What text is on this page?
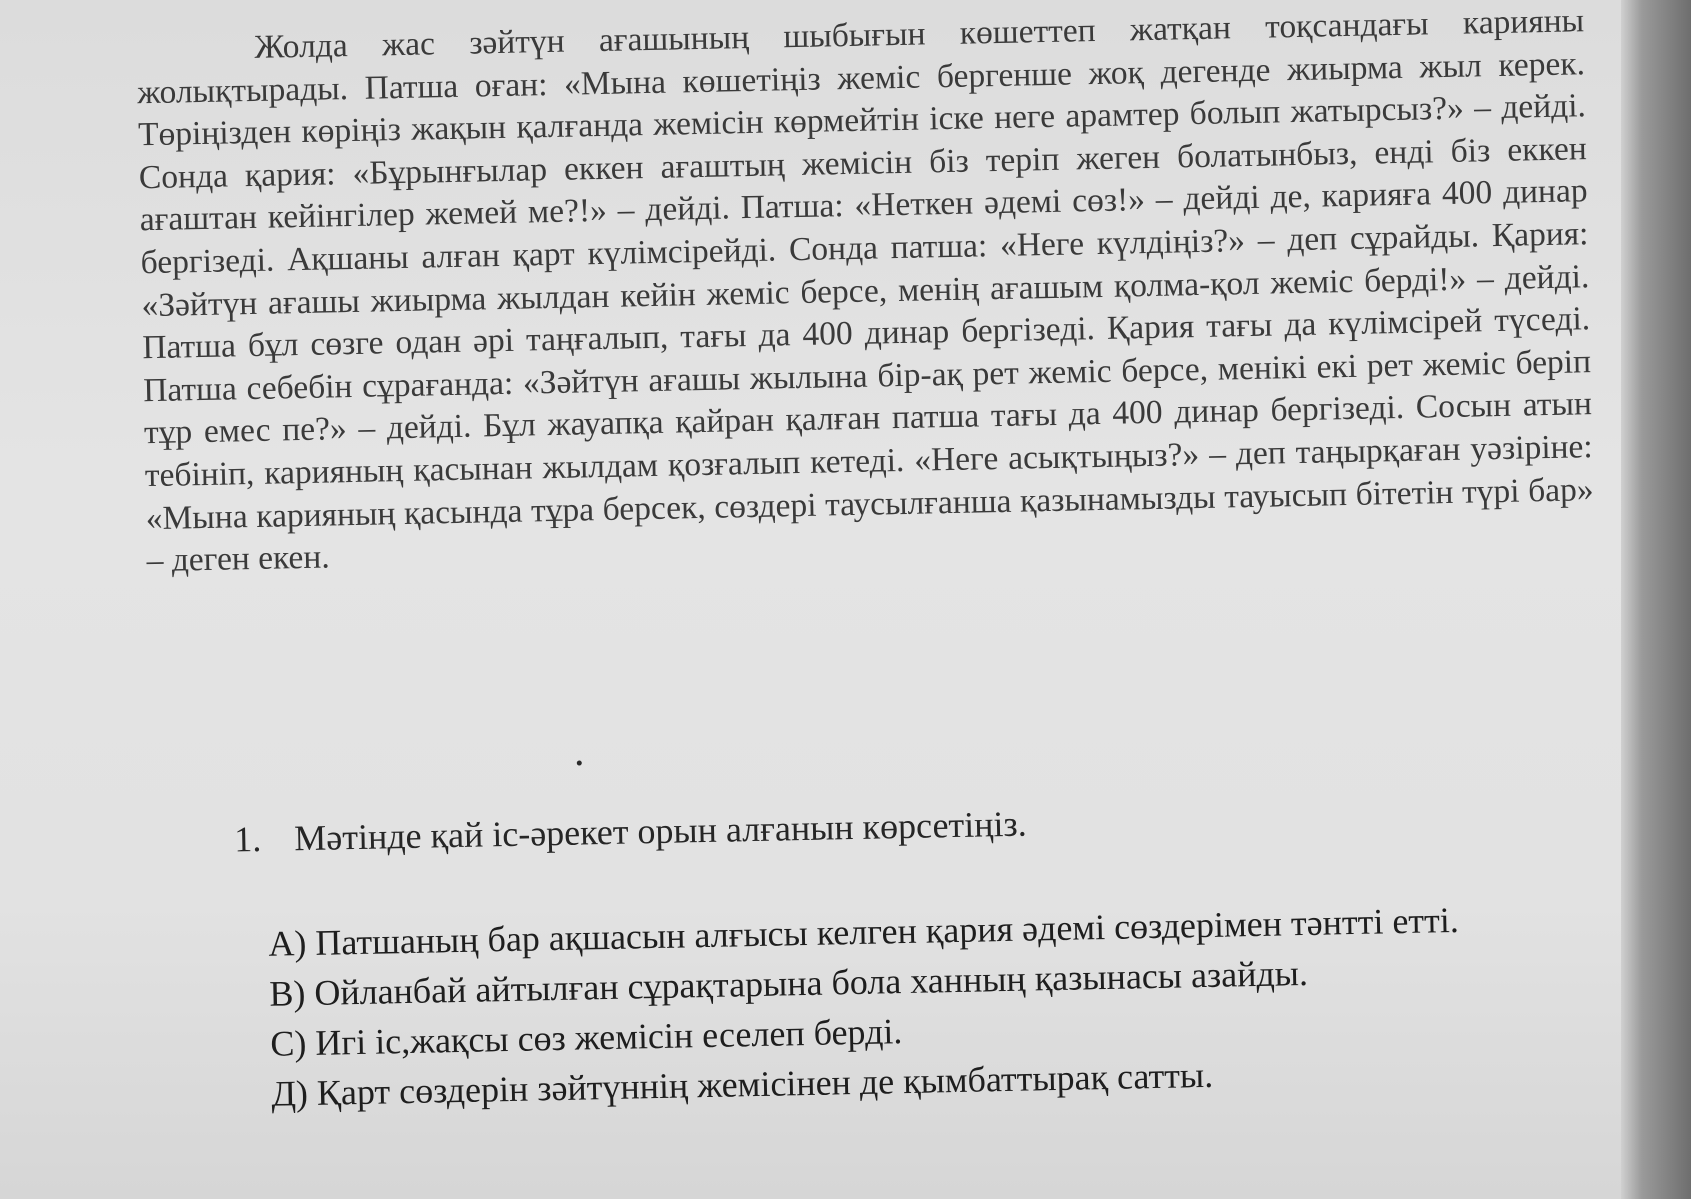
Жолда жас зәйтүн ағашының шыбығын көшеттеп жатқан тоқсандағы карияны жолықтырады. Патша оған: «Мына көшетіңіз жеміс бергенше жоқ дегенде жиырма жыл керек. Төріңізден көріңіз жақын қалғанда жемісін көрмейтін іске неге арамтер болып жатырсыз?» – дейді. Сонда қария: «Бұрынғылар еккен ағаштың жемісін біз теріп жеген болатынбыз, енді біз еккен ағаштан кейінгілер жемей ме?!» – дейді. Патша: «Неткен әдемі сөз!» – дейді де, карияға 400 динар бергізеді. Ақшаны алған қарт күлімсірейді. Сонда патша: «Неге күлдіңіз?» – деп сұрайды. Қария: «Зәйтүн ағашы жиырма жылдан кейін жеміс берсе, менің ағашым қолма-қол жеміс берді!» – дейді. Патша бұл сөзге одан әрі таңғалып, тағы да 400 динар бергізеді. Қария тағы да күлімсірей түседі. Патша себебін сұрағанда: «Зәйтүн ағашы жылына бір-ақ рет жеміс берсе, менікі екі рет жеміс беріп тұр емес пе?» – дейді. Бұл жауапқа қайран қалған патша тағы да 400 динар бергізеді. Сосын атын тебініп, карияның қасынан жылдам қозғалып кетеді. «Неге асықтыңыз?» – деп таңырқаған уәзіріне: «Мына карияның қасында тұра берсек, сөздері таусылғанша қазынамызды тауысып бітетін түрі бар» – деген екен.

1. Мәтінде қай іс-әрекет орын алғанын көрсетіңіз.

А) Патшаның бар ақшасын алғысы келген қария әдемі сөздерімен тәнтті етті.
В) Ойланбай айтылған сұрақтарына бола ханның қазынасы азайды.
С) Игі іс,жақсы сөз жемісін еселеп берді.
Д) Қарт сөздерін зәйтүннің жемісінен де қымбаттырақ сатты.
